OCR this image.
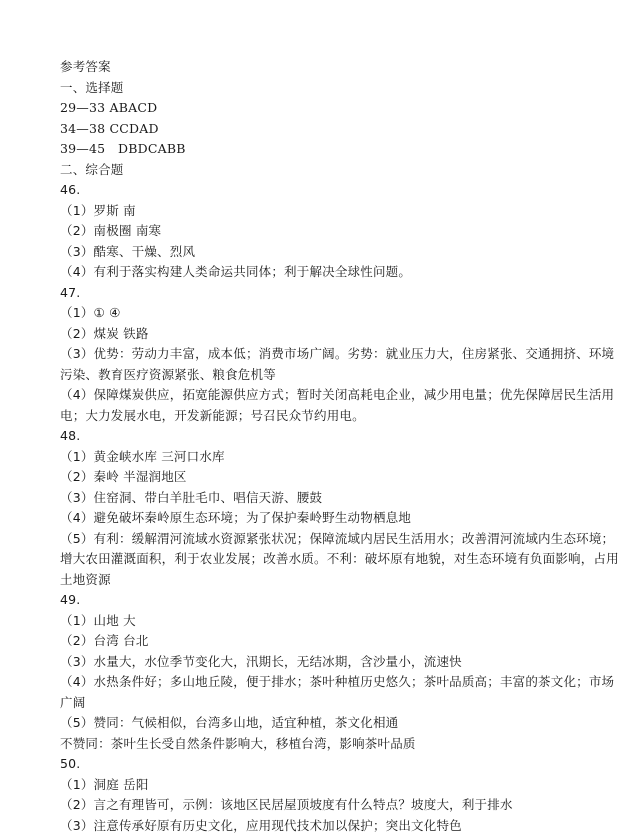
参考答案
一、选择题
29—33 ABACD
34—38 CCDAD
39—45　DBDCABB
二、综合题
46.
（1）罗斯 南
（2）南极圈 南寒
（3）酷寒、干燥、烈风
（4）有利于落实构建人类命运共同体；利于解决全球性问题。
47.
（1）① ④
（2）煤炭 铁路
（3）优势：劳动力丰富，成本低；消费市场广阔。劣势：就业压力大，住房紧张、交通拥挤、环境污染、教育医疗资源紧张、粮食危机等
（4）保障煤炭供应，拓宽能源供应方式；暂时关闭高耗电企业，减少用电量；优先保障居民生活用电；大力发展水电，开发新能源；号召民众节约用电。
48.
（1）黄金峡水库 三河口水库
（2）秦岭 半湿润地区
（3）住窑洞、带白羊肚毛巾、唱信天游、腰鼓
（4）避免破坏秦岭原生态环境；为了保护秦岭野生动物栖息地
（5）有利：缓解渭河流域水资源紧张状况；保障流域内居民生活用水；改善渭河流域内生态环境；增大农田灌溉面积，利于农业发展；改善水质。不利：破坏原有地貌，对生态环境有负面影响，占用土地资源
49.
（1）山地 大
（2）台湾 台北
（3）水量大，水位季节变化大，汛期长，无结冰期，含沙量小，流速快
（4）水热条件好；多山地丘陵，便于排水；茶叶种植历史悠久；茶叶品质高；丰富的茶文化；市场广阔
（5）赞同：气候相似，台湾多山地，适宜种植，茶文化相通
不赞同：茶叶生长受自然条件影响大，移植台湾，影响茶叶品质
50.
（1）洞庭 岳阳
（2）言之有理皆可，示例：该地区民居屋顶坡度有什么特点？坡度大，利于排水
（3）注意传承好原有历史文化，应用现代技术加以保护；突出文化特色
